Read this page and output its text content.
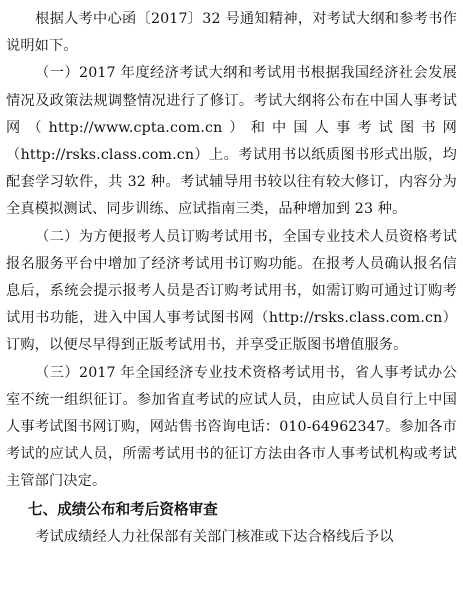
根据人考中心函〔2017〕32 号通知精神，对考试大纲和参考书作说明如下。

（一）2017 年度经济考试大纲和考试用书根据我国经济社会发展情况及政策法规调整情况进行了修订。考试大纲将公布在中国人事考试网（http://www.cpta.com.cn）和中国人事考试图书网（http://rsks.class.com.cn）上。考试用书以纸质图书形式出版，均配套学习软件，共 32 种。考试辅导用书较以往有较大修订，内容分为全真模拟测试、同步训练、应试指南三类，品种增加到 23 种。

（二）为方便报考人员订购考试用书，全国专业技术人员资格考试报名服务平台中增加了经济考试用书订购功能。在报考人员确认报名信息后，系统会提示报考人员是否订购考试用书，如需订购可通过订购考试用书功能，进入中国人事考试图书网（http://rsks.class.com.cn）订购，以便尽早得到正版考试用书，并享受正版图书增值服务。

（三）2017 年全国经济专业技术资格考试用书，省人事考试办公室不统一组织征订。参加省直考试的应试人员，由应试人员自行上中国人事考试图书网订购，网站售书咨询电话：010-64962347。参加各市考试的应试人员，所需考试用书的征订方法由各市人事考试机构或考试主管部门决定。

七、成绩公布和考后资格审查

考试成绩经人力社保部有关部门核准或下达合格线后予以
